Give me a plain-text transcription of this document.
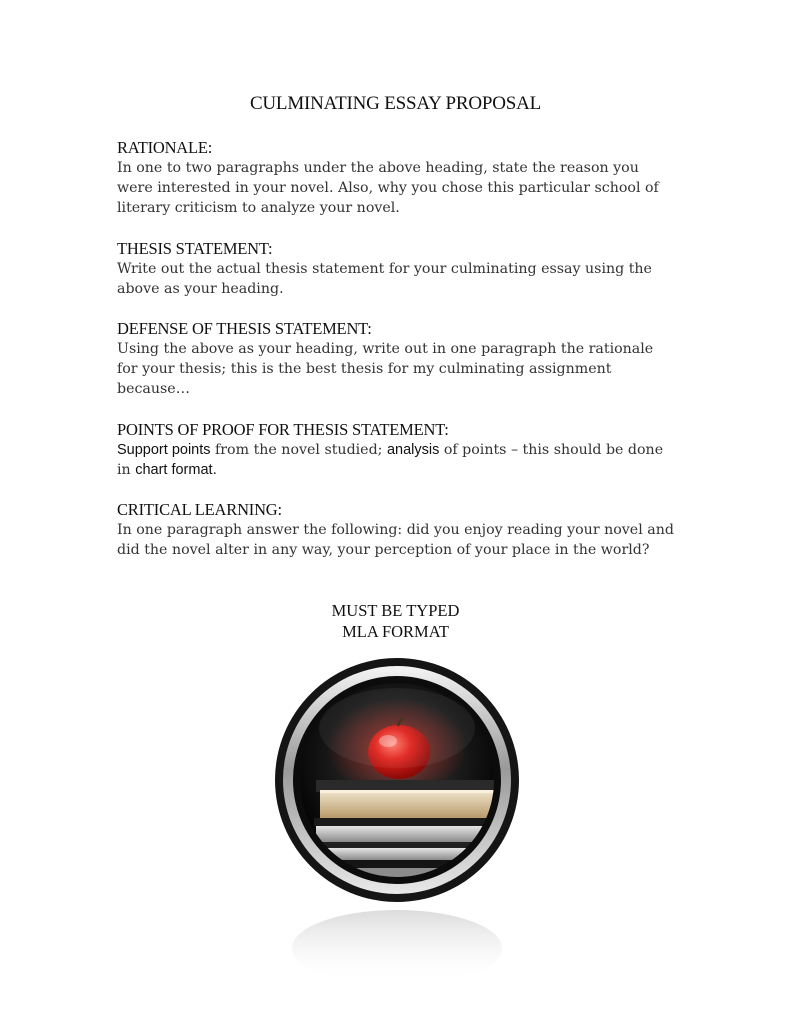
CULMINATING ESSAY PROPOSAL
RATIONALE:
In one to two paragraphs under the above heading, state the reason you were interested in your novel. Also, why you chose this particular school of literary criticism to analyze your novel.
THESIS STATEMENT:
Write out the actual thesis statement for your culminating essay using the above as your heading.
DEFENSE OF THESIS STATEMENT:
Using the above as your heading, write out in one paragraph the rationale for your thesis; this is the best thesis for my culminating assignment because…
POINTS OF PROOF FOR THESIS STATEMENT:
Support points from the novel studied; analysis of points – this should be done in chart format.
CRITICAL LEARNING:
In one paragraph answer the following: did you enjoy reading your novel and did the novel alter in any way, your perception of your place in the world?
MUST BE TYPED
MLA FORMAT
